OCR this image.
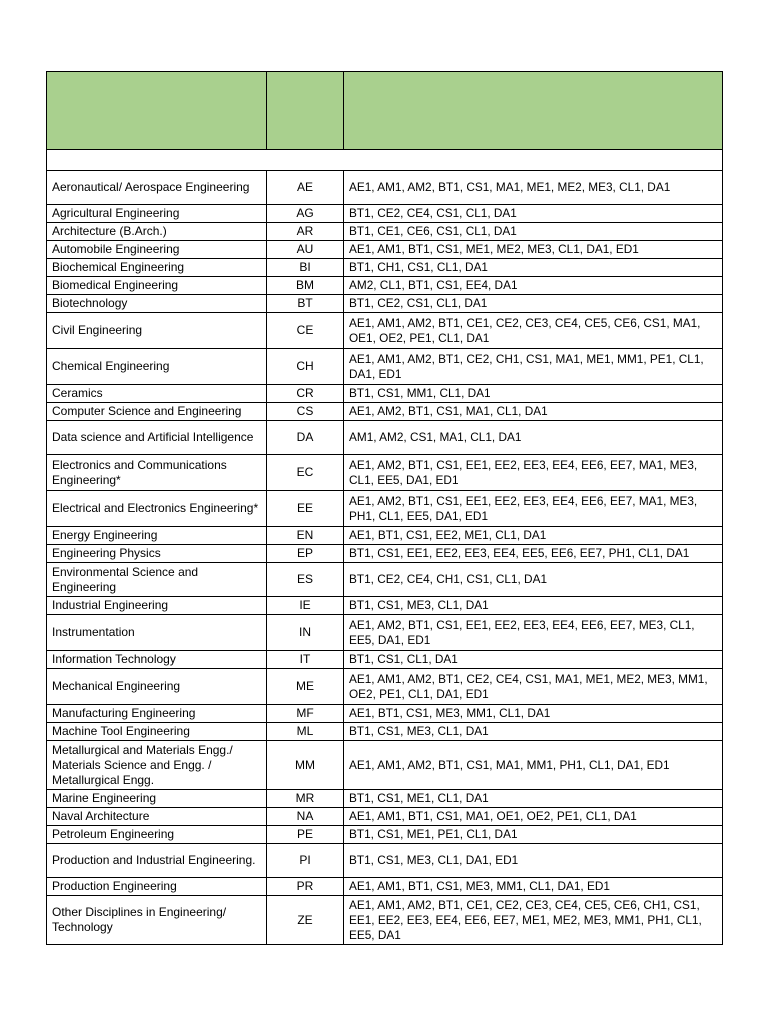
Aeronautical/ Aerospace Engineering	AE	AE1, AM1, AM2, BT1, CS1, MA1, ME1, ME2, ME3, CL1, DA1
Agricultural Engineering	AG	BT1, CE2, CE4, CS1, CL1, DA1
Architecture (B.Arch.)	AR	BT1, CE1, CE6, CS1, CL1, DA1
Automobile Engineering	AU	AE1, AM1, BT1, CS1, ME1, ME2, ME3, CL1, DA1, ED1
Biochemical Engineering	BI	BT1, CH1, CS1, CL1, DA1
Biomedical Engineering	BM	AM2, CL1, BT1, CS1, EE4, DA1
Biotechnology	BT	BT1, CE2, CS1, CL1, DA1
Civil Engineering	CE	AE1, AM1, AM2, BT1, CE1, CE2, CE3, CE4, CE5, CE6, CS1, MA1, OE1, OE2, PE1, CL1, DA1
Chemical Engineering	CH	AE1, AM1, AM2, BT1, CE2, CH1, CS1, MA1, ME1, MM1, PE1, CL1, DA1, ED1
Ceramics	CR	BT1, CS1, MM1, CL1, DA1
Computer Science and Engineering	CS	AE1, AM2, BT1, CS1, MA1, CL1, DA1
Data science and Artificial Intelligence	DA	AM1, AM2, CS1, MA1, CL1, DA1
Electronics and Communications Engineering*	EC	AE1, AM2, BT1, CS1, EE1, EE2, EE3, EE4, EE6, EE7, MA1, ME3, CL1, EE5, DA1, ED1
Electrical and Electronics Engineering*	EE	AE1, AM2, BT1, CS1, EE1, EE2, EE3, EE4, EE6, EE7, MA1, ME3, PH1, CL1, EE5, DA1, ED1
Energy Engineering	EN	AE1, BT1, CS1, EE2, ME1, CL1, DA1
Engineering Physics	EP	BT1, CS1, EE1, EE2, EE3, EE4, EE5, EE6, EE7, PH1, CL1, DA1
Environmental Science and Engineering	ES	BT1, CE2, CE4, CH1, CS1, CL1, DA1
Industrial Engineering	IE	BT1, CS1, ME3, CL1, DA1
Instrumentation	IN	AE1, AM2, BT1, CS1, EE1, EE2, EE3, EE4, EE6, EE7, ME3, CL1, EE5, DA1, ED1
Information Technology	IT	BT1, CS1, CL1, DA1
Mechanical Engineering	ME	AE1, AM1, AM2, BT1, CE2, CE4, CS1, MA1, ME1, ME2, ME3, MM1, OE2, PE1, CL1, DA1, ED1
Manufacturing Engineering	MF	AE1, BT1, CS1, ME3, MM1, CL1, DA1
Machine Tool Engineering	ML	BT1, CS1, ME3, CL1, DA1
Metallurgical and Materials Engg./ Materials Science and Engg. / Metallurgical Engg.	MM	AE1, AM1, AM2, BT1, CS1, MA1, MM1, PH1, CL1, DA1, ED1
Marine Engineering	MR	BT1, CS1, ME1, CL1, DA1
Naval Architecture	NA	AE1, AM1, BT1, CS1, MA1, OE1, OE2, PE1, CL1, DA1
Petroleum Engineering	PE	BT1, CS1, ME1, PE1, CL1, DA1
Production and Industrial Engineering.	PI	BT1, CS1, ME3, CL1, DA1, ED1
Production Engineering	PR	AE1, AM1, BT1, CS1, ME3, MM1, CL1, DA1, ED1
Other Disciplines in Engineering/ Technology	ZE	AE1, AM1, AM2, BT1, CE1, CE2, CE3, CE4, CE5, CE6, CH1, CS1, EE1, EE2, EE3, EE4, EE6, EE7, ME1, ME2, ME3, MM1, PH1, CL1, EE5, DA1
